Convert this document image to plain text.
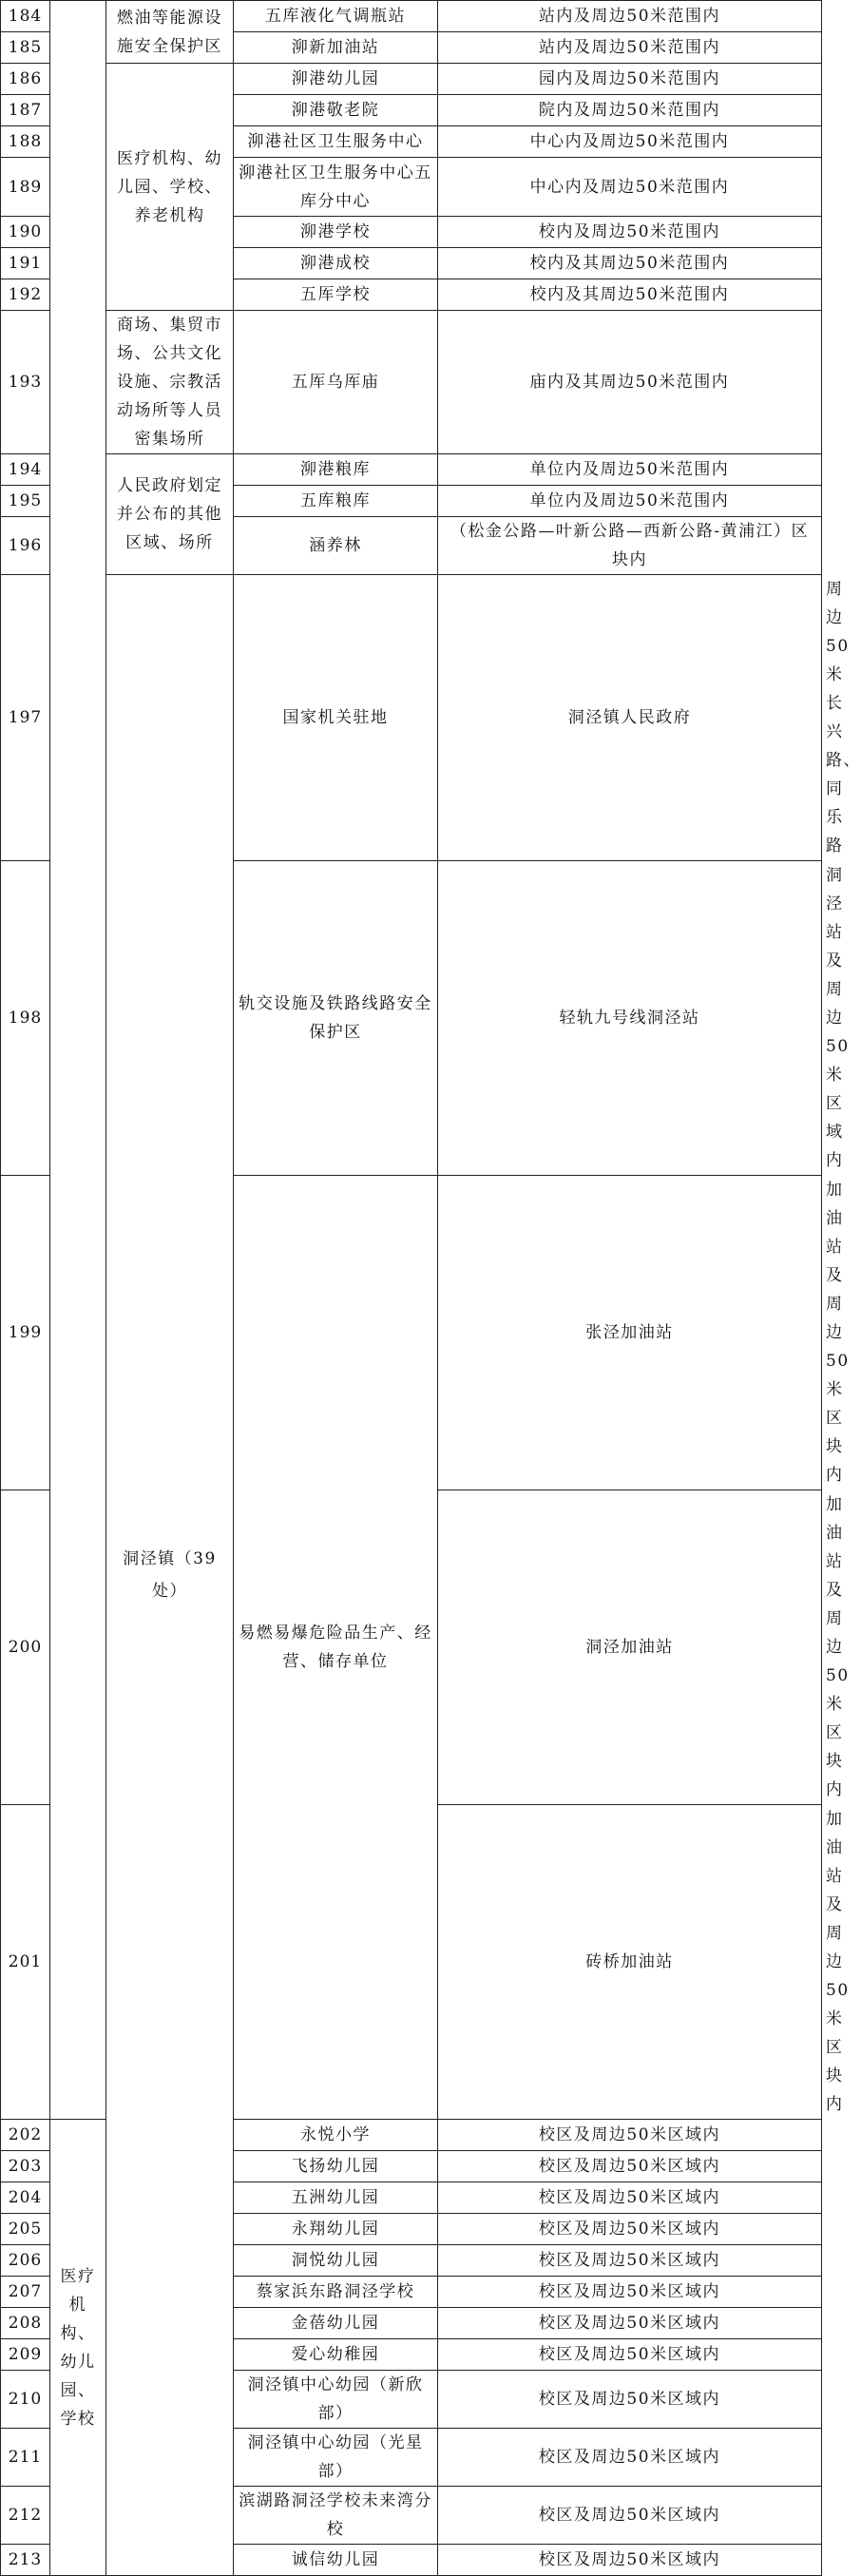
184		燃油等能源设施安全保护区	五库液化气调瓶站	站内及周边50米范围内	
185			泖新加油站	站内及周边50米范围内	
186		医疗机构、幼儿园、学校、养老机构	泖港幼儿园	园内及周边50米范围内	
187			泖港敬老院	院内及周边50米范围内	
188			泖港社区卫生服务中心	中心内及周边50米范围内	
189			泖港社区卫生服务中心五库分中心	中心内及周边50米范围内	
190			泖港学校	校内及周边50米范围内	
191			泖港成校	校内及其周边50米范围内	
192			五厍学校	校内及其周边50米范围内	
193		商场、集贸市场、公共文化设施、宗教活动场所等人员密集场所	五厍乌厍庙	庙内及其周边50米范围内	
194		人民政府划定并公布的其他区域、场所	泖港粮库	单位内及周边50米范围内	
195			五库粮库	单位内及周边50米范围内	
196			涵养林	（松金公路—叶新公路—西新公路-黄浦江）区块内	
197		洞泾镇（39处）	国家机关驻地	洞泾镇人民政府	周边50米长兴路、同乐路
198			轨交设施及铁路线路安全保护区	轻轨九号线洞泾站	洞泾站及周边50米区域内
199			易燃易爆危险品生产、经营、储存单位	张泾加油站	加油站及周边50米区块内
200				洞泾加油站	加油站及周边50米区块内
201				砖桥加油站	加油站及周边50米区块内
202	医疗机构、幼儿园、学校		永悦小学	校区及周边50米区域内	
203			飞扬幼儿园	校区及周边50米区域内	
204			五洲幼儿园	校区及周边50米区域内	
205			永翔幼儿园	校区及周边50米区域内	
206			洞悦幼儿园	校区及周边50米区域内	
207			蔡家浜东路洞泾学校	校区及周边50米区域内	
208			金蓓幼儿园	校区及周边50米区域内	
209			爱心幼稚园	校区及周边50米区域内	
210			洞泾镇中心幼园（新欣部）	校区及周边50米区域内	
211			洞泾镇中心幼园（光星部）	校区及周边50米区域内	
212			滨湖路洞泾学校未来湾分校	校区及周边50米区域内	
213			诚信幼儿园	校区及周边50米区域内	
